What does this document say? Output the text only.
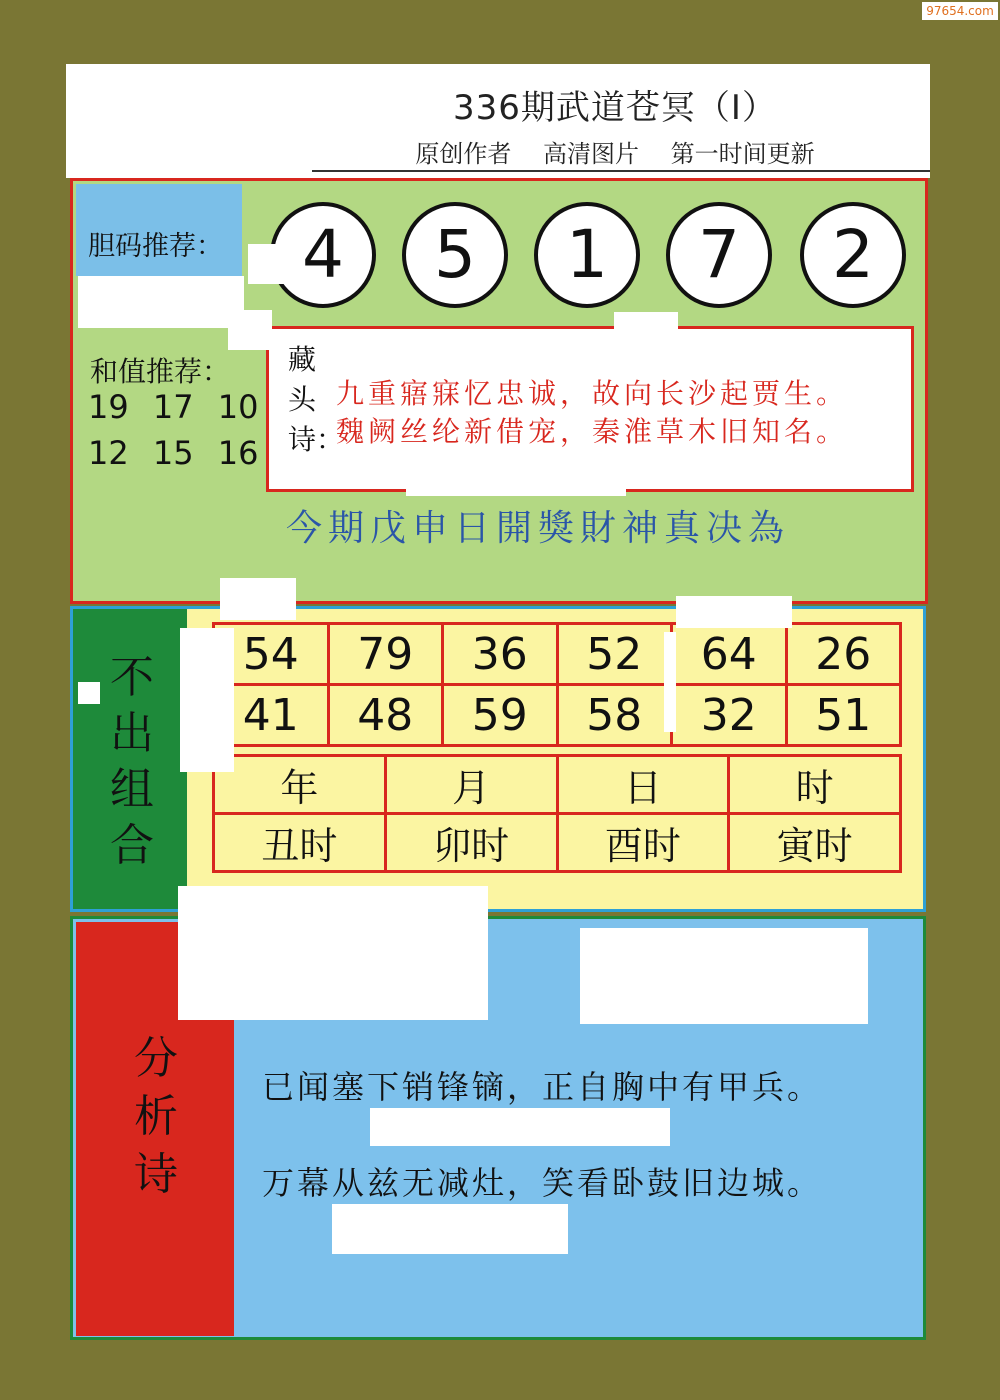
97654.com
336期武道苍冥（Ⅰ）
原创作者 高清图片 第一时间更新
胆码推荐：	4	5	1	7	2
和值推荐：
19 17 10
12 15 16
藏头诗：
九重寤寐忆忠诚，故向长沙起贾生。
魏阙丝纶新借宠，秦淮草木旧知名。
今期戊申日開獎財神真决為
不出组合
54	79	36	52	64	26
41	48	59	58	32	51
年	月	日	时
丑时	卯时	酉时	寅时
分析诗
已闻塞下销锋镝，正自胸中有甲兵。
万幕从兹无减灶，笑看卧鼓旧边城。
